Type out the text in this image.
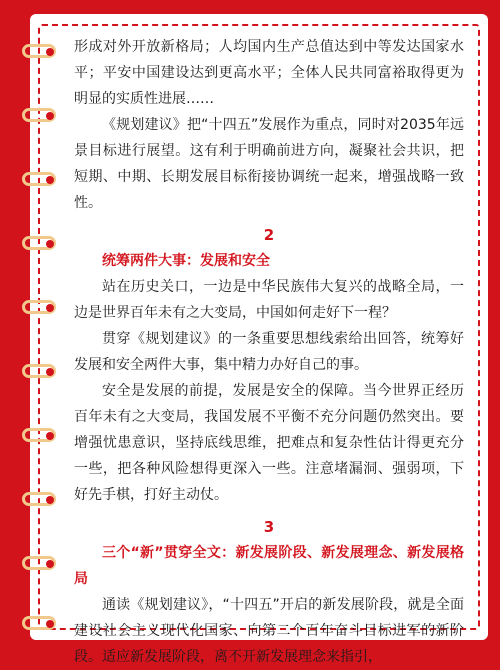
形成对外开放新格局；人均国内生产总值达到中等发达国家水平；平安中国建设达到更高水平；全体人民共同富裕取得更为明显的实质性进展……

《规划建议》把“十四五”发展作为重点，同时对2035年远景目标进行展望。这有利于明确前进方向，凝聚社会共识，把短期、中期、长期发展目标衔接协调统一起来，增强战略一致性。

2

统筹两件大事：发展和安全

站在历史关口，一边是中华民族伟大复兴的战略全局，一边是世界百年未有之大变局，中国如何走好下一程？

贯穿《规划建议》的一条重要思想线索给出回答，统筹好发展和安全两件大事，集中精力办好自己的事。

安全是发展的前提，发展是安全的保障。当今世界正经历百年未有之大变局，我国发展不平衡不充分问题仍然突出。要增强忧患意识，坚持底线思维，把难点和复杂性估计得更充分一些，把各种风险想得更深入一些。注意堵漏洞、强弱项，下好先手棋，打好主动仗。

3

三个“新”贯穿全文：新发展阶段、新发展理念、新发展格局

通读《规划建议》，“十四五”开启的新发展阶段，就是全面建设社会主义现代化国家、向第二个百年奋斗目标进军的新阶段。适应新发展阶段，离不开新发展理念来指引，
